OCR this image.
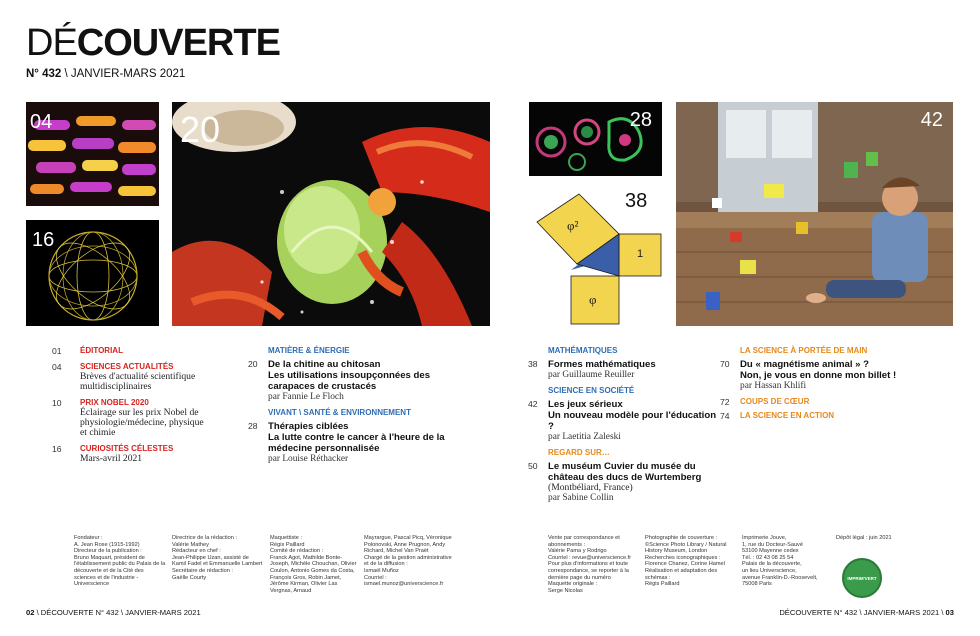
DÉCOUVERTE
N° 432 \ JANVIER-MARS 2021
04
16
20	28
φ²
1
φ
38
42
01	ÉDITORIAL
04	SCIENCES ACTUALITÉS
Brèves d'actualité scientifique multidisciplinaires
10	PRIX NOBEL 2020
Éclairage sur les prix Nobel de physiologie/médecine, physique et chimie
16	CURIOSITÉS CÉLESTES
Mars-avril 2021
MATIÈRE & ÉNERGIE
20	De la chitine au chitosan
Les utilisations insoupçonnées des carapaces de crustacés
par Fannie Le Floch
VIVANT \ SANTÉ & ENVIRONNEMENT
28	Thérapies ciblées
La lutte contre le cancer à l'heure de la médecine personnalisée
par Louise Réthacker
MATHÉMATIQUES
38	Formes mathématiques
par Guillaume Reuiller
SCIENCE EN SOCIÉTÉ
42	Les jeux sérieux
Un nouveau modèle pour l'éducation ?
par Laetitia Zaleski
REGARD SUR…
50	Le muséum Cuvier du musée du château des ducs de Wurtemberg
(Montbéliard, France)
par Sabine Collin
LA SCIENCE À PORTÉE DE MAIN
70	Du « magnétisme animal » ?
Non, je vous en donne mon billet !
par Hassan Khlifi
72	COUPS DE CŒUR
74	LA SCIENCE EN ACTION
Fondateur :
A. Jean Rose (1915-1992)
Directeur de la publication :
Bruno Maquart, président de l'établissement public du Palais de la découverte et de la Cité des sciences et de l'industrie - Universcience
Directrice de la rédaction :
Valérie Mathey
Rédacteur en chef :
Jean-Philippe Uzan, assisté de Kamil Fadel et Emmanuelle Lambert
Secrétaire de rédaction :
Gaëlle Courty
Maquettiste :
Régis Paillard
Comité de rédaction :
Franck Agot, Mathilde Bonte-Joseph, Michèle Chouchan, Olivier Coulon, Antonio Gomes da Costa, François Gros, Robin Jamet, Jérôme Kirman, Olivier Las Vergnas, Arnaud
Mayrargue, Pascal Picq, Véronique Polonovski, Anne Prugnon, Andy Richard, Michel Van Praët
Chargé de la gestion administrative et de la diffusion :
Ismaël Muñoz
Courriel :
ismael.munoz@universcience.fr
Vente par correspondance et abonnements :
Valérie Pama y Rodrigo
Courriel : revue@universcience.fr
Pour plus d'informations et toute correspondance, se reporter à la dernière page du numéro
Maquette originale :
Serge Nicolas
Photographie de couverture :
©Science Photo Library / Natural History Museum, London
Recherches iconographiques :
Florence Chanez, Corine Hamel
Réalisation et adaptation des schémas :
Régis Paillard
Imprimerie Jouve,
1, rue du Docteur-Sauvé
53100 Mayenne cedex
Tél. : 02 43 08 25 54
Palais de la découverte,
un lieu Universcience,
avenue Franklin-D.-Roosevelt,
75008 Paris
Dépôt légal : juin 2021
IMPRIM'VERT
02 \ DÉCOUVERTE N° 432 \ JANVIER-MARS 2021	DÉCOUVERTE N° 432 \ JANVIER-MARS 2021 \ 03
